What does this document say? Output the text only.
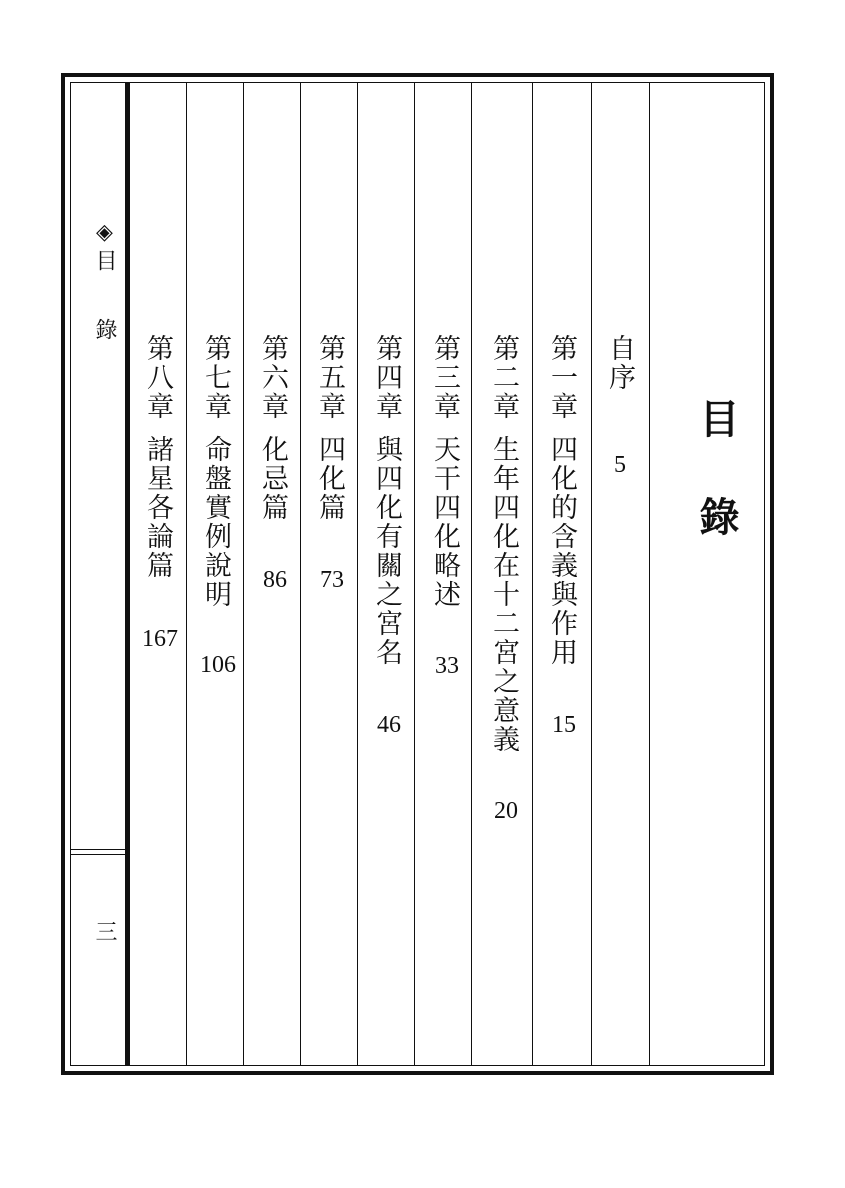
◈目
錄
三
目錄
自序
5
第一章四化的含義與作用
15
第二章生年四化在十二宮之意義
20
第三章天干四化略述
33
第四章與四化有關之宮名
46
第五章四化篇
73
第六章化忌篇
86
第七章命盤實例說明
106
第八章諸星各論篇
167
